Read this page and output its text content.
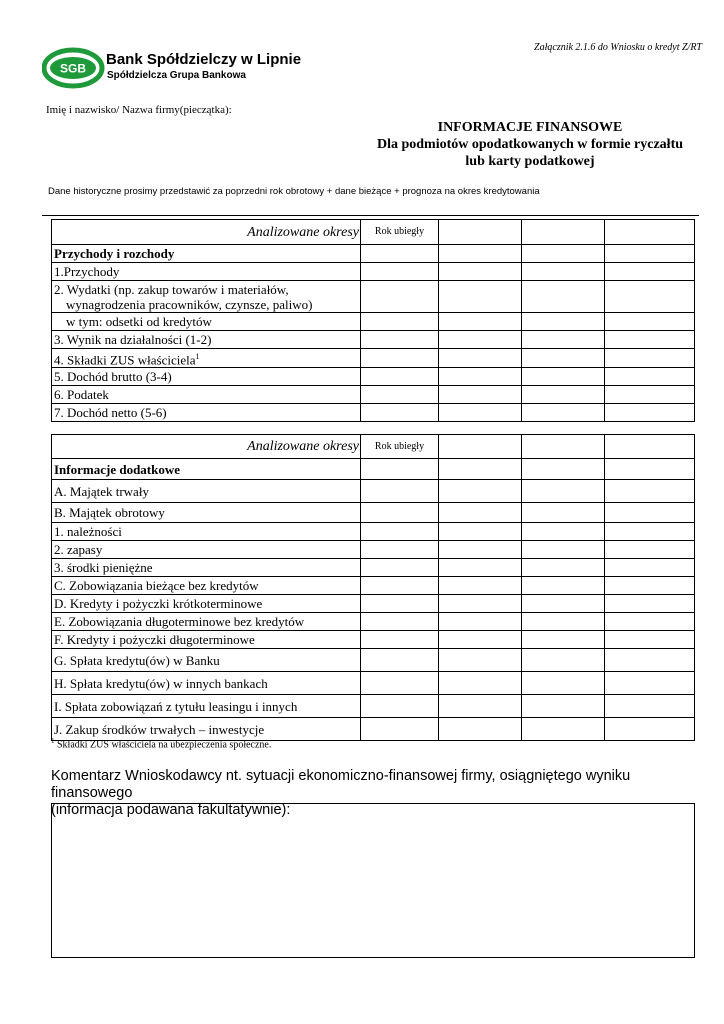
Załącznik 2.1.6 do Wniosku o kredyt Z/RT
SGB
Bank Spółdzielczy w Lipnie
Spółdzielcza Grupa Bankowa
Imię i nazwisko/ Nazwa firmy(pieczątka):
INFORMACJE FINANSOWE
Dla podmiotów opodatkowanych w formie ryczałtu
lub karty podatkowej
Dane historyczne prosimy przedstawić za poprzedni rok obrotowy + dane bieżące + prognoza na okres kredytowania
Analizowane okresy	Rok ubiegły			
Przychody i rozchody				
1.Przychody				

2. Wydatki (np. zakup towarów i materiałów,
wynagrodzenia pracowników, czynsze, paliwo)				

w tym: odsetki od kredytów				
3. Wynik na działalności (1-2)				
4. Składki ZUS właściciela$^1$				
5. Dochód brutto (3-4)				
6. Podatek				
7. Dochód netto (5-6)				
Analizowane okresy	Rok ubiegły			
Informacje dodatkowe				
A. Majątek trwały				
B. Majątek obrotowy				
1. należności				
2. zapasy				
3. środki pieniężne				
C. Zobowiązania bieżące bez kredytów				
D. Kredyty i pożyczki krótkoterminowe				
E. Zobowiązania długoterminowe bez kredytów				
F. Kredyty i pożyczki długoterminowe				
G. Spłata kredytu(ów) w Banku				
H. Spłata kredytu(ów) w innych bankach				
I. Spłata zobowiązań z tytułu leasingu i innych				
J. Zakup środków trwałych – inwestycje				
$^1$ Składki ZUS właściciela na ubezpieczenia społeczne.
Komentarz Wnioskodawcy nt. sytuacji ekonomiczno-finansowej firmy, osiągniętego wyniku finansowego
(informacja podawana fakultatywnie):
